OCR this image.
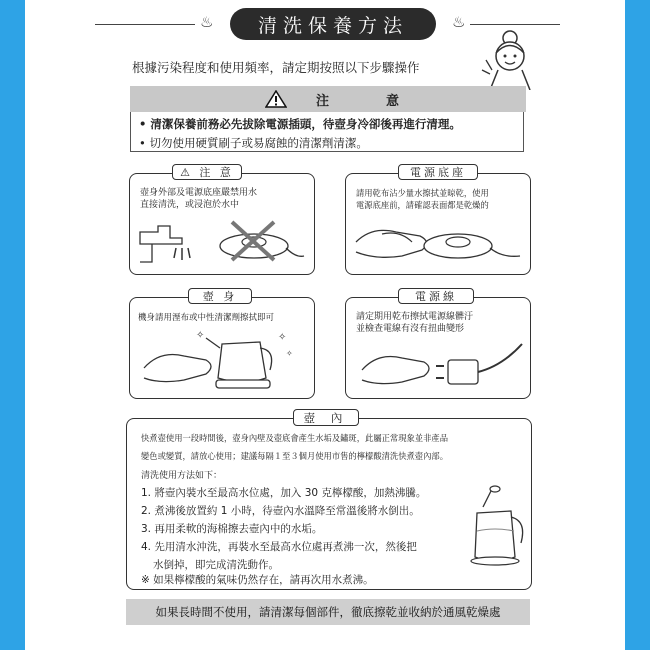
♨	♨
清洗保養方法
根據污染程度和使用頻率，請定期按照以下步驟操作
注	意
• 清潔保養前務必先拔除電源插頭，待壺身冷卻後再進行清理。
• 切勿使用硬質刷子或易腐蝕的清潔劑清潔。
⚠ 注 意
壺身外部及電源底座嚴禁用水
直接清洗，或浸泡於水中
電源底座
請用乾布沾少量水擦拭並晾乾，使用
電源底座前，請確認表面都是乾燥的
壺 身
機身請用溼布或中性清潔劑擦拭即可
✧	✧
✧
電源線
請定期用乾布擦拭電源線髒汙
並檢查電線有沒有扭曲變形
壺 內
快煮壺使用一段時間後，壺身內壁及壺底會產生水垢及鏽斑，此屬正常現象並非產品
變色或變質，請放心使用；建議每隔１至３個月使用市售的檸檬酸清洗快煮壺內部。
清洗使用方法如下：
1. 將壺內裝水至最高水位處，加入 30 克檸檬酸，加熱沸騰。
2. 煮沸後放置約 1 小時，待壺內水溫降至常溫後將水倒出。
3. 再用柔軟的海棉擦去壺內中的水垢。
4. 先用清水沖洗，再裝水至最高水位處再煮沸一次，然後把
水倒掉，即完成清洗動作。
※ 如果檸檬酸的氣味仍然存在，請再次用水煮沸。
如果長時間不使用，請清潔每個部件，徹底擦乾並收納於通風乾燥處
